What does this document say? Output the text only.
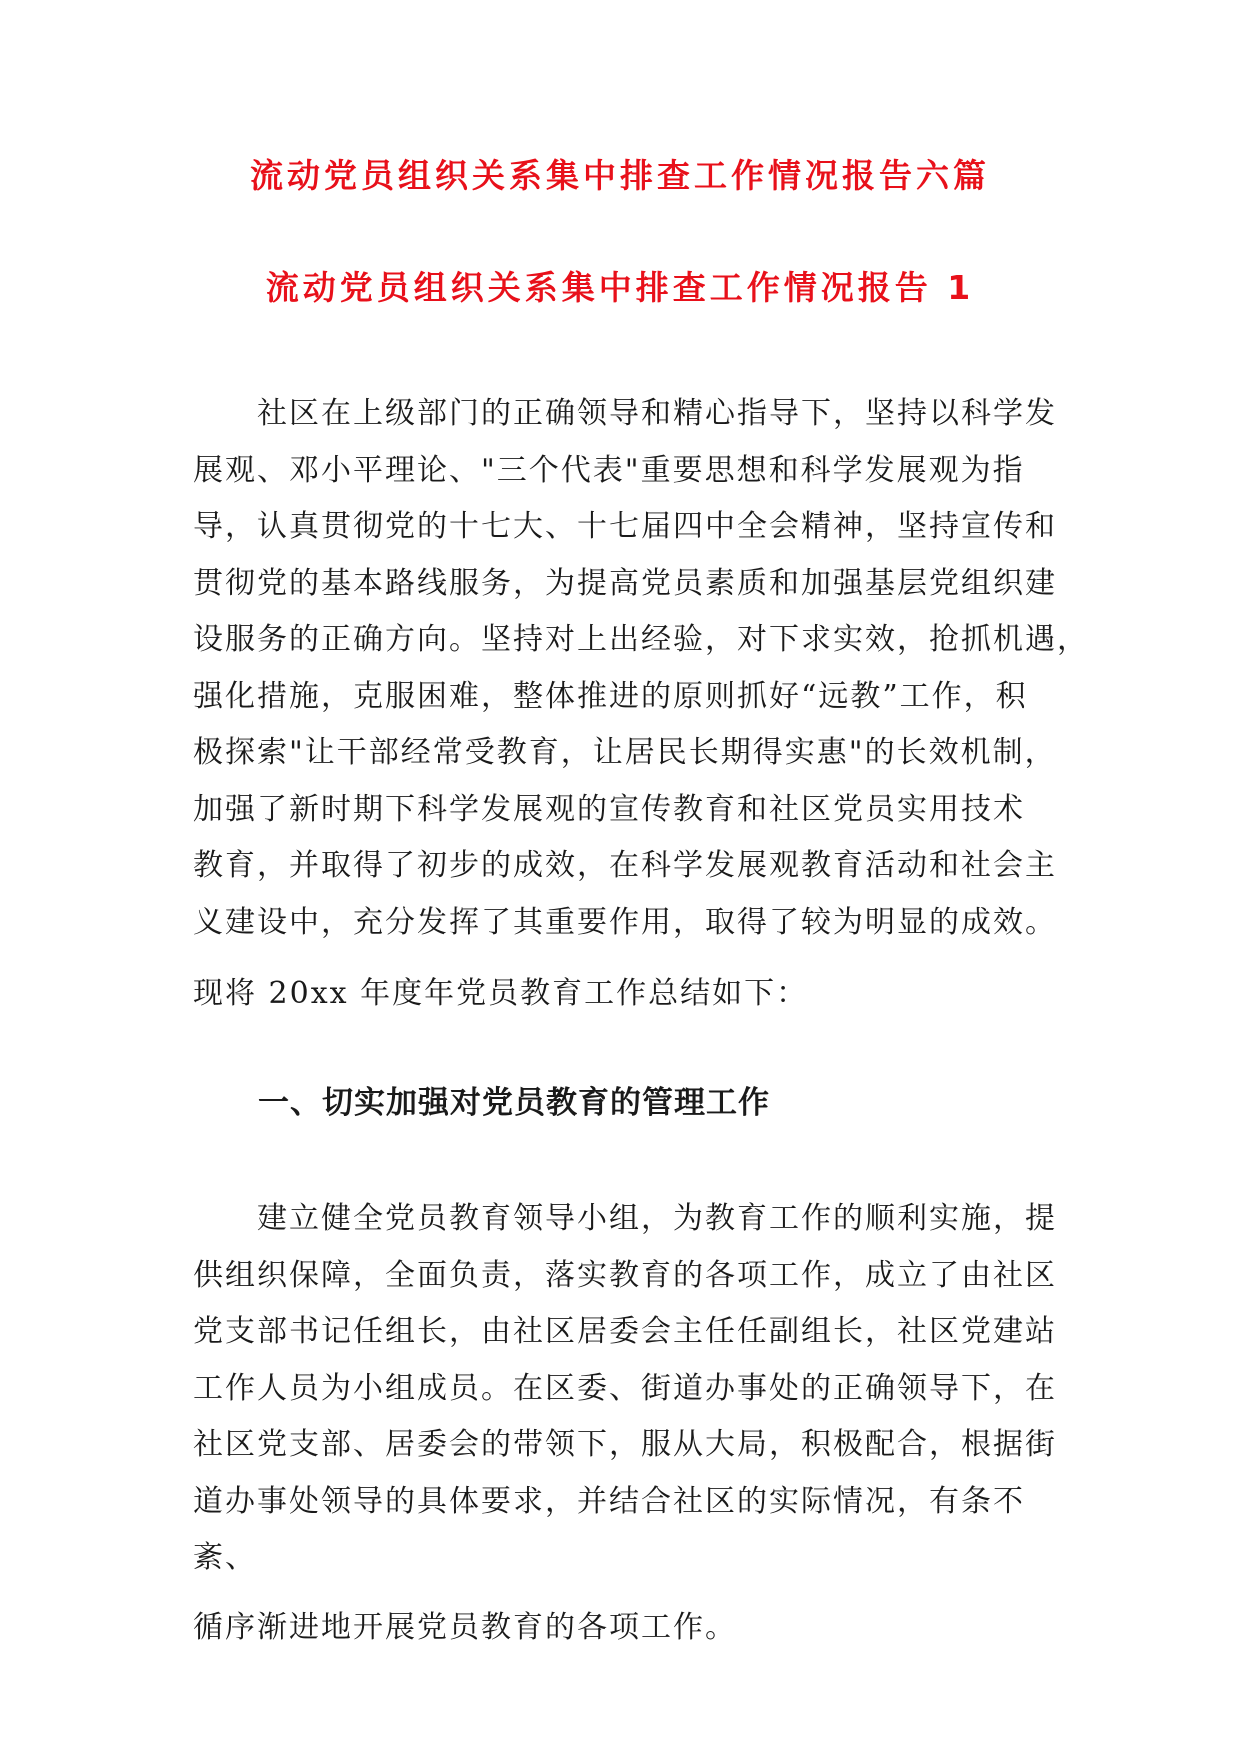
流动党员组织关系集中排查工作情况报告六篇
流动党员组织关系集中排查工作情况报告 1
社区在上级部门的正确领导和精心指导下，坚持以科学发
展观、邓小平理论、"三个代表"重要思想和科学发展观为指
导，认真贯彻党的十七大、十七届四中全会精神，坚持宣传和
贯彻党的基本路线服务，为提高党员素质和加强基层党组织建
设服务的正确方向。坚持对上出经验，对下求实效，抢抓机遇，
强化措施，克服困难，整体推进的原则抓好“远教”工作，积
极探索"让干部经常受教育，让居民长期得实惠"的长效机制，
加强了新时期下科学发展观的宣传教育和社区党员实用技术
教育，并取得了初步的成效，在科学发展观教育活动和社会主
义建设中，充分发挥了其重要作用，取得了较为明显的成效。

现将 20xx 年度年党员教育工作总结如下：

一、切实加强对党员教育的管理工作
建立健全党员教育领导小组，为教育工作的顺利实施，提
供组织保障，全面负责，落实教育的各项工作，成立了由社区
党支部书记任组长，由社区居委会主任任副组长，社区党建站
工作人员为小组成员。在区委、街道办事处的正确领导下，在
社区党支部、居委会的带领下，服从大局，积极配合，根据街
道办事处领导的具体要求，并结合社区的实际情况，有条不
紊、

循序渐进地开展党员教育的各项工作。
